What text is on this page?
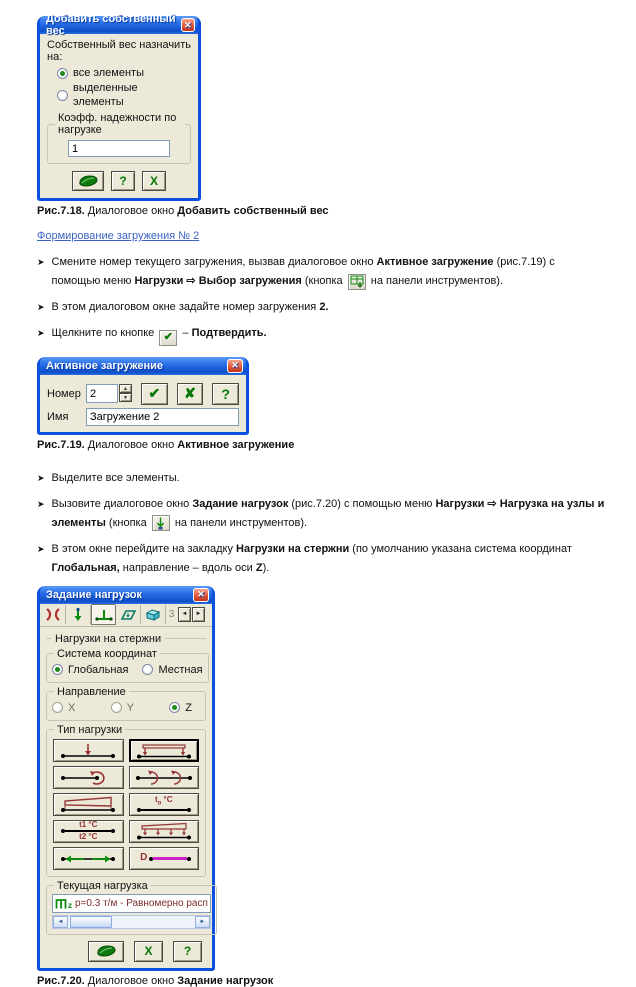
Добавить собственный вес
✕
Собственный вес назначить на:
все элементы
выделенные элементы
Коэфф. надежности по нагрузке
1
?	X
Рис.7.18. Диалоговое окно Добавить собственный вес
Формирование загружения № 2
➤ Смените номер текущего загружения, вызвав диалоговое окно Активное загружение (рис.7.19) с помощью меню Нагрузки ⇨ Выбор загружения (кнопка
на панели инструментов).
➤ В этом диалоговом окне задайте номер загружения 2.
➤ Щелкните по кнопке ✔ – Подтвердить.
Активное загружение	✕
Номер
2	▲
▼	✔	✘	?
Имя
Загружение 2
Рис.7.19. Диалоговое окно Активное загружение
➤ Выделите все элементы.
➤ Вызовите диалоговое окно Задание нагрузок (рис.7.20) с помощью меню Нагрузки ⇨ Нагрузка на узлы и элементы (кнопка
на панели инструментов).
➤ В этом окне перейдите на закладку Нагрузки на стержни (по умолчанию указана система координат Глобальная, направление – вдоль оси Z).
Задание нагрузок	✕
3	◄	►
Нагрузки на стержни
Система координат
Глобальная	Местная
Направление
X	Y	Z
Тип нагрузки
$t_o$ °C
t1 °C
t2 °C
D
Текущая нагрузка
$_z$ p=0.3 т/м - Равномерно расп
◄	►
X	?
Рис.7.20. Диалоговое окно Задание нагрузок
